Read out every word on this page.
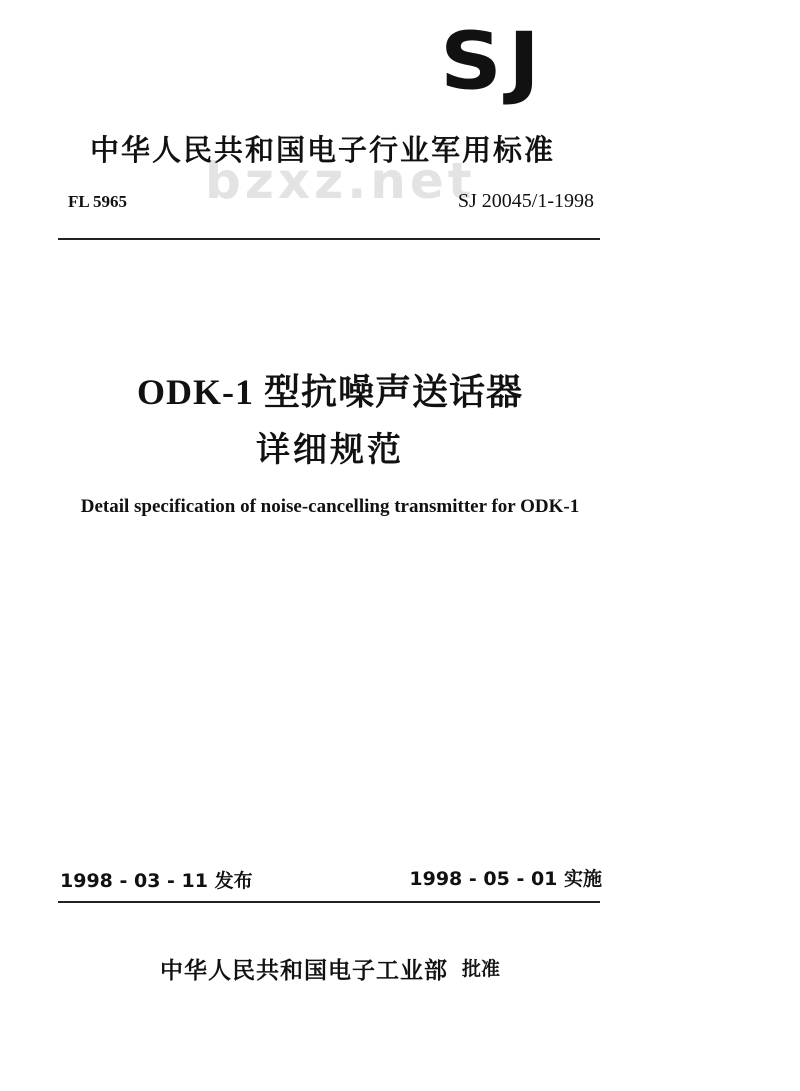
SJ
bzxz.net
中华人民共和国电子行业军用标准
FL 5965	SJ 20045/1-1998
ODK-1 型抗噪声送话器
详细规范
Detail specification of noise-cancelling transmitter for ODK-1
1998 - 03 - 11 发布	1998 - 05 - 01 实施
中华人民共和国电子工业部 批准
